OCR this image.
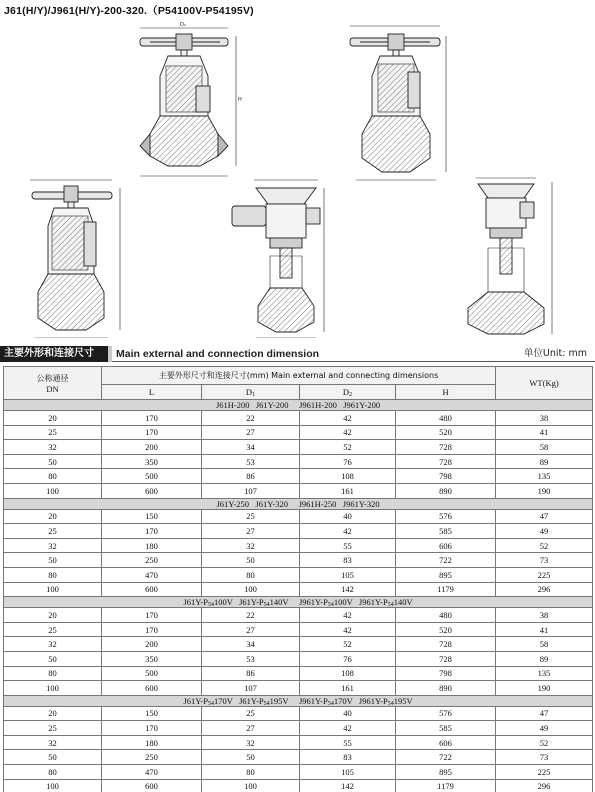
J61(H/Y)/J961(H/Y)-200-320.（P54100V-P54195V)
D₂
H
主要外形和连接尺寸	Main external and connection dimension	单位Unit: mm
公称通径
DN	主要外形尺寸和连接尺寸(mm) Main external and connecting dimensions				WT(Kg)
	L	$D_1$	$D_2$	H	
J61H-200   J61Y-200     J961H-200   J961Y-200					
20	170	22	42	480	38
25	170	27	42	520	41
32	200	34	52	728	58
50	350	53	76	728	89
80	500	86	108	798	135
100	600	107	161	890	190
J61Y-250   J61Y-320     J961H-250   J961Y-320					
20	150	25	40	576	47
25	170	27	42	585	49
32	180	32	55	606	52
50	250	50	83	722	73
80	470	80	105	895	225
100	600	100	142	1179	296
$J61Y-P_{54}100V$   $J61Y-P_{54}140V$     $J961Y-P_{54}100V$   $J961Y-P_{54}140V$					
20	170	22	42	480	38
25	170	27	42	520	41
32	200	34	52	728	58
50	350	53	76	728	89
80	500	86	108	798	135
100	600	107	161	890	190
$J61Y-P_{54}170V$   $J61Y-P_{54}195V$     $J961Y-P_{54}170V$   $J961Y-P_{54}195V$					
20	150	25	40	576	47
25	170	27	42	585	49
32	180	32	55	606	52
50	250	50	83	722	73
80	470	80	105	895	225
100	600	100	142	1179	296
